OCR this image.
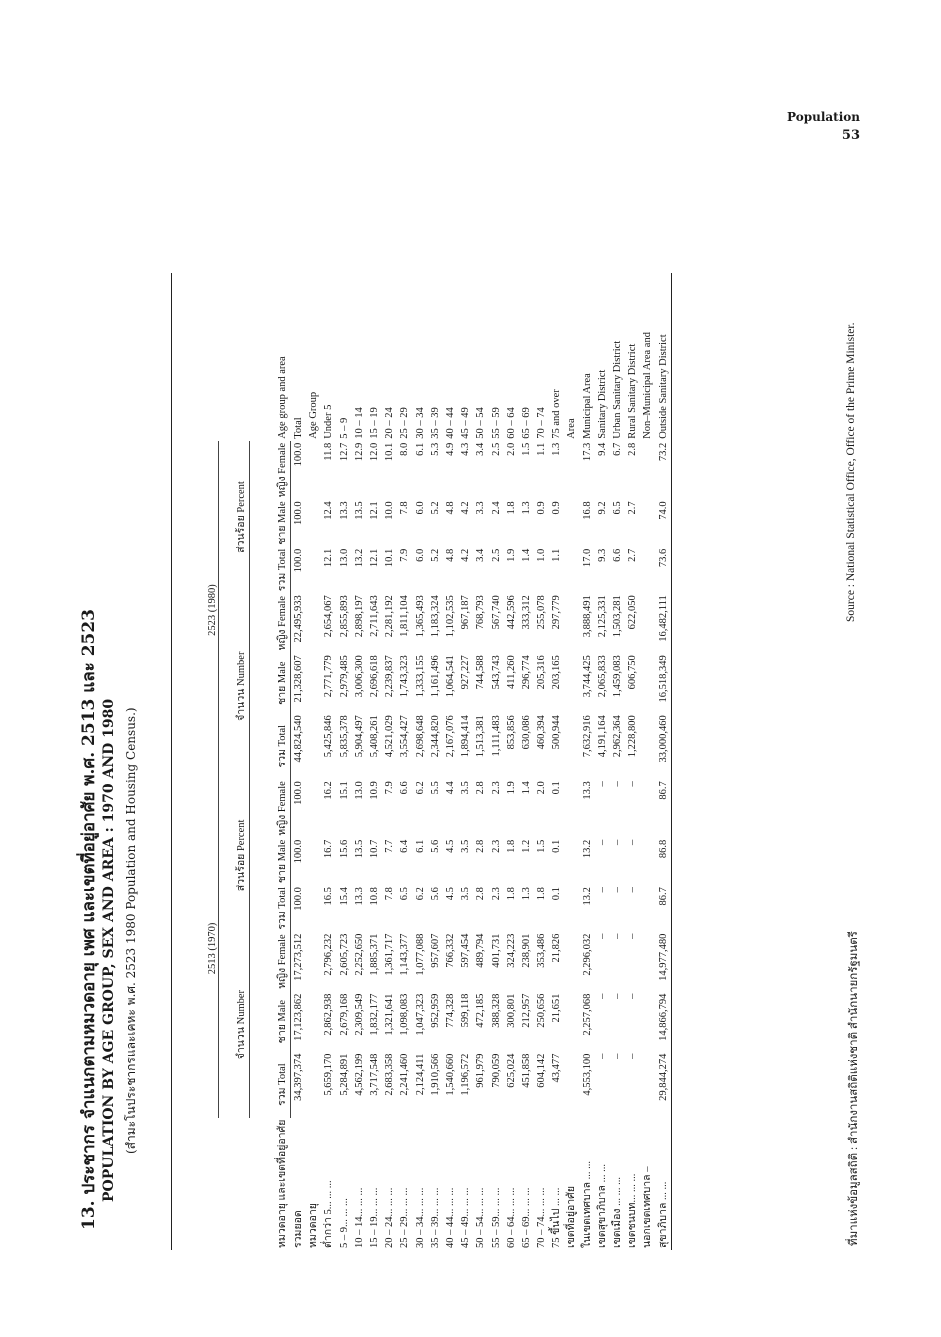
Population
53
13. ประชากร จำแนกตามหมวดอายุ เพศ และเขตที่อยู่อาศัย พ.ศ. 2513 และ 2523 POPULATION BY AGE GROUP, SEX AND AREA : 1970 AND 1980 (สำมะโนประชากรและเคหะ พ.ศ. 2523 1980 Population and Housing Census.)
หมวดอายุ และเขตที่อยู่อาศัย	2513 (1970)						2523 (1980)						Age group and area
	จำนวน Number			ส่วนร้อย Percent			จำนวน Number			ส่วนร้อย Percent			
	รวม Total	ชาย Male	หญิง Female	รวม Total	ชาย Male	หญิง Female	รวม Total	ชาย Male	หญิง Female	รวม Total	ชาย Male	หญิง Female	
รวมยอด	34,397,374	17,123,862	17,273,512	100.0	100.0	100.0	44,824,540	21,328,607	22,495,933	100.0	100.0	100.0	Total
หมวดอายุ													Age Group
ต่ำกว่า 5... ... ...	5,659,170	2,862,938	2,796,232	16.5	16.7	16.2	5,425,846	2,771,779	2,654,067	12.1	12.4	11.8	Under 5
5 – 9... ... ...	5,284,891	2,679,168	2,605,723	15.4	15.6	15.1	5,835,378	2,979,485	2,855,893	13.0	13.3	12.7	5 – 9
10 – 14... ... ...	4,562,199	2,309,549	2,252,650	13.3	13.5	13.0	5,904,497	3,006,300	2,898,197	13.2	13.5	12.9	10 – 14
15 – 19... ... ...	3,717,548	1,832,177	1,885,371	10.8	10.7	10.9	5,408,261	2,696,618	2,711,643	12.1	12.1	12.0	15 – 19
20 – 24... ... ...	2,683,358	1,321,641	1,361,717	7.8	7.7	7.9	4,521,029	2,239,837	2,281,192	10.1	10.0	10.1	20 – 24
25 – 29... ... ...	2,241,460	1,098,083	1,143,377	6.5	6.4	6.6	3,554,427	1,743,323	1,811,104	7.9	7.8	8.0	25 – 29
30 – 34... ... ...	2,124,411	1,047,323	1,077,088	6.2	6.1	6.2	2,698,648	1,333,155	1,365,493	6.0	6.0	6.1	30 – 34
35 – 39... ... ...	1,910,566	952,959	957,607	5.6	5.6	5.5	2,344,820	1,161,496	1,183,324	5.2	5.2	5.3	35 – 39
40 – 44... ... ...	1,540,660	774,328	766,332	4.5	4.5	4.4	2,167,076	1,064,541	1,102,535	4.8	4.8	4.9	40 – 44
45 – 49... ... ...	1,196,572	599,118	597,454	3.5	3.5	3.5	1,894,414	927,227	967,187	4.2	4.2	4.3	45 – 49
50 – 54... ... ...	961,979	472,185	489,794	2.8	2.8	2.8	1,513,381	744,588	768,793	3.4	3.3	3.4	50 – 54
55 – 59... ... ...	790,059	388,328	401,731	2.3	2.3	2.3	1,111,483	543,743	567,740	2.5	2.4	2.5	55 – 59
60 – 64... ... ...	625,024	300,801	324,223	1.8	1.8	1.9	853,856	411,260	442,596	1.9	1.8	2.0	60 – 64
65 – 69... ... ...	451,858	212,957	238,901	1.3	1.2	1.4	630,086	296,774	333,312	1.4	1.3	1.5	65 – 69
70 – 74... ... ...	604,142	250,656	353,486	1.8	1.5	2.0	460,394	205,316	255,078	1.0	0.9	1.1	70 – 74
75 ขึ้นไป ... ...	43,477	21,651	21,826	0.1	0.1	0.1	500,944	203,165	297,779	1.1	0.9	1.3	75 and over
เขตที่อยู่อาศัย													Area
ในเขตเทศบาล ... ...	4,553,100	2,257,068	2,296,032	13.2	13.2	13.3	7,632,916	3,744,425	3,888,491	17.0	16.8	17.3	Municipal Area
เขตสุขาภิบาล ... ...	–	–	–	–	–	–	4,191,164	2,065,833	2,125,331	9.3	9.2	9.4	Sanitary District
เขตเมือง ... ... ...	–	–	–	–	–	–	2,962,364	1,459,083	1,503,281	6.6	6.5	6.7	Urban Sanitary District
เขตชนบท... ... ...	–	–	–	–	–	–	1,228,800	606,750	622,050	2.7	2.7	2.8	Rural Sanitary District
นอกเขตเทศบาล –													Non–Municipal Area and
สุขาภิบาล ... ...	29,844,274	14,866,794	14,977,480	86.7	86.8	86.7	33,000,460	16,518,349	16,482,111	73.6	74.0	73.2	Outside Sanitary District
ที่มาแห่งข้อมูลสถิติ : สำนักงานสถิติแห่งชาติ สำนักนายกรัฐมนตรี
Source : National Statistical Office, Office of the Prime Minister.
